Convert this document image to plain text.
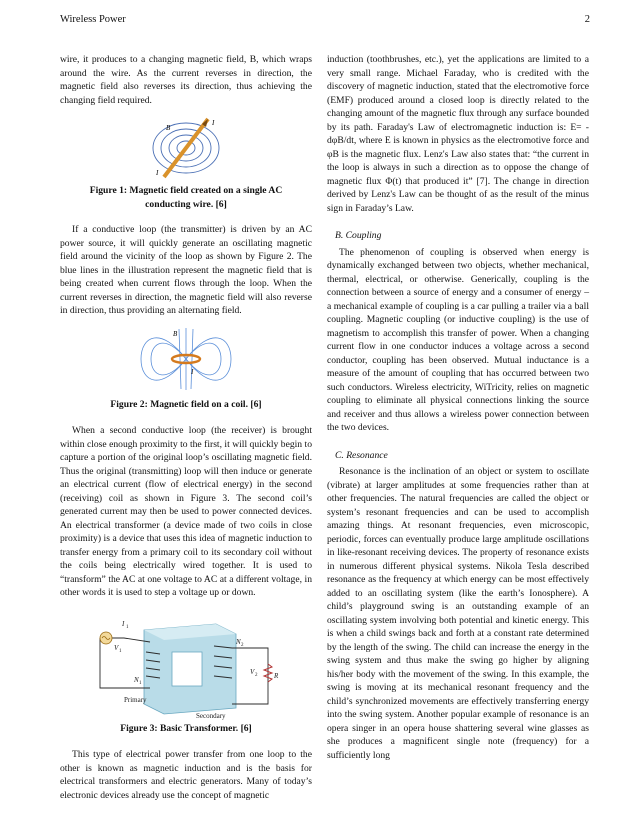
Wireless Power	2

wire, it produces to a changing magnetic field, B, which wraps around the wire. As the current reverses in direction, the magnetic field also reverses its direction, thus achieving the changing field required.

B
I
I

Figure 1: Magnetic field created on a single AC conducting wire. [6]

If a conductive loop (the transmitter) is driven by an AC power source, it will quickly generate an oscillating magnetic field around the vicinity of the loop as shown by Figure 2. The blue lines in the illustration represent the magnetic field that is being created when current flows through the loop. When the current reverses in direction, the magnetic field will also reverse in direction, thus providing an alternating field.

B
I

Figure 2: Magnetic field on a coil. [6]

When a second conductive loop (the receiver) is brought within close enough proximity to the first, it will quickly begin to capture a portion of the original loop’s oscillating magnetic field. Thus the original (transmitting) loop will then induce or generate an electrical current (flow of electrical energy) in the second (receiving) coil as shown in Figure 3. The second coil’s generated current may then be used to power connected devices. An electrical transformer (a device made of two coils in close proximity) is a device that uses this idea of magnetic induction to transfer energy from a primary coil to its secondary coil without the coils being electrically wired together. It is used to “transform” the AC at one voltage to AC at a different voltage, in other words it is used to step a voltage up or down.

I 1
V 1
N 1
N 2
V 2 R
Primary
Secondary

Figure 3: Basic Transformer. [6]

This type of electrical power transfer from one loop to the other is known as magnetic induction and is the basis for electrical transformers and electric generators. Many of today’s electronic devices already use the concept of magnetic

induction (toothbrushes, etc.), yet the applications are limited to a very small range. Michael Faraday, who is credited with the discovery of magnetic induction, stated that the electromotive force (EMF) produced around a closed loop is directly related to the changing amount of the magnetic flux through any surface bounded by its path. Faraday's Law of electromagnetic induction is: E= -dφB/dt, where E is known in physics as the electromotive force and φB is the magnetic flux. Lenz's Law also states that: “the current in the loop is always in such a direction as to oppose the change of magnetic flux Φ(t) that produced it” [7]. The change in direction derived by Lenz's Law can be thought of as the result of the minus sign in Faraday’s Law.

B. Coupling

The phenomenon of coupling is observed when energy is dynamically exchanged between two objects, whether mechanical, thermal, electrical, or otherwise. Generically, coupling is the connection between a source of energy and a consumer of energy – a mechanical example of coupling is a car pulling a trailer via a ball coupling. Magnetic coupling (or inductive coupling) is the use of magnetism to accomplish this transfer of power. When a changing current flow in one conductor induces a voltage across a second conductor, coupling has been observed. Mutual inductance is a measure of the amount of coupling that has occurred between two such conductors. Wireless electricity, WiTricity, relies on magnetic coupling to eliminate all physical connections linking the source and receiver and thus allows a wireless power connection between the two devices.

C. Resonance

Resonance is the inclination of an object or system to oscillate (vibrate) at larger amplitudes at some frequencies rather than at other frequencies. The natural frequencies are called the object or system’s resonant frequencies and can be used to accomplish amazing things. At resonant frequencies, even microscopic, periodic, forces can eventually produce large amplitude oscillations in like-resonant receiving devices. The property of resonance exists in numerous different physical systems. Nikola Tesla described resonance as the frequency at which energy can be most effectively added to an oscillating system (like the earth’s Ionosphere). A child’s playground swing is an outstanding example of an oscillating system involving both potential and kinetic energy. This is when a child swings back and forth at a constant rate determined by the length of the swing. The child can increase the energy in the swing system and thus make the swing go higher by aligning his/her body with the movement of the swing. In this example, the swing is moving at its mechanical resonant frequency and the child’s synchronized movements are effectively transferring energy into the swing system. Another popular example of resonance is an opera singer in an opera house shattering several wine glasses as she produces a magnificent single note (frequency) for a sufficiently long
